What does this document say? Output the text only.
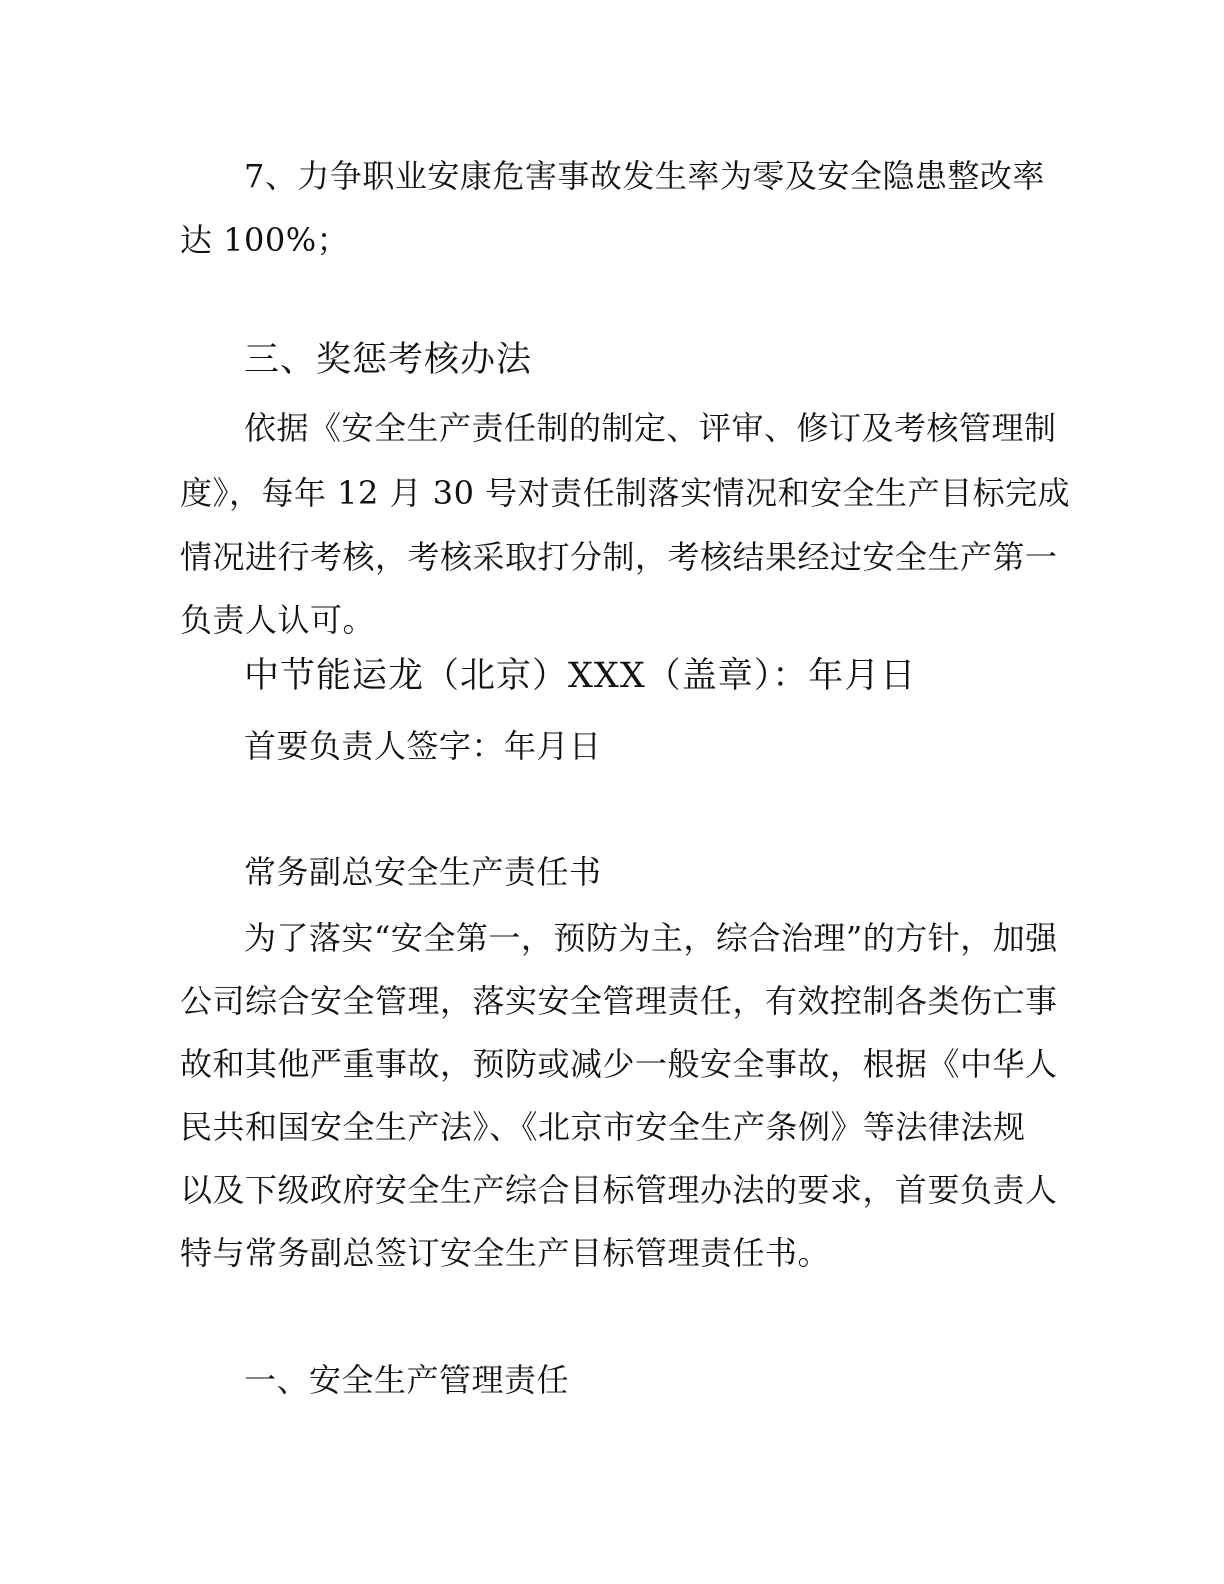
7、力争职业安康危害事故发生率为零及安全隐患整改率
达 100%；
三、奖惩考核办法
依据《安全生产责任制的制定、评审、修订及考核管理制
度》，每年 12 月 30 号对责任制落实情况和安全生产目标完成
情况进行考核，考核采取打分制，考核结果经过安全生产第一
负责人认可。
中节能运龙（北京）XXX（盖章）：年月日
首要负责人签字：年月日
常务副总安全生产责任书
为了落实“安全第一，预防为主，综合治理”的方针，加强
公司综合安全管理，落实安全管理责任，有效控制各类伤亡事
故和其他严重事故，预防或减少一般安全事故，根据《中华人
民共和国安全生产法》、《北京市安全生产条例》等法律法规
以及下级政府安全生产综合目标管理办法的要求，首要负责人
特与常务副总签订安全生产目标管理责任书。
一、安全生产管理责任
